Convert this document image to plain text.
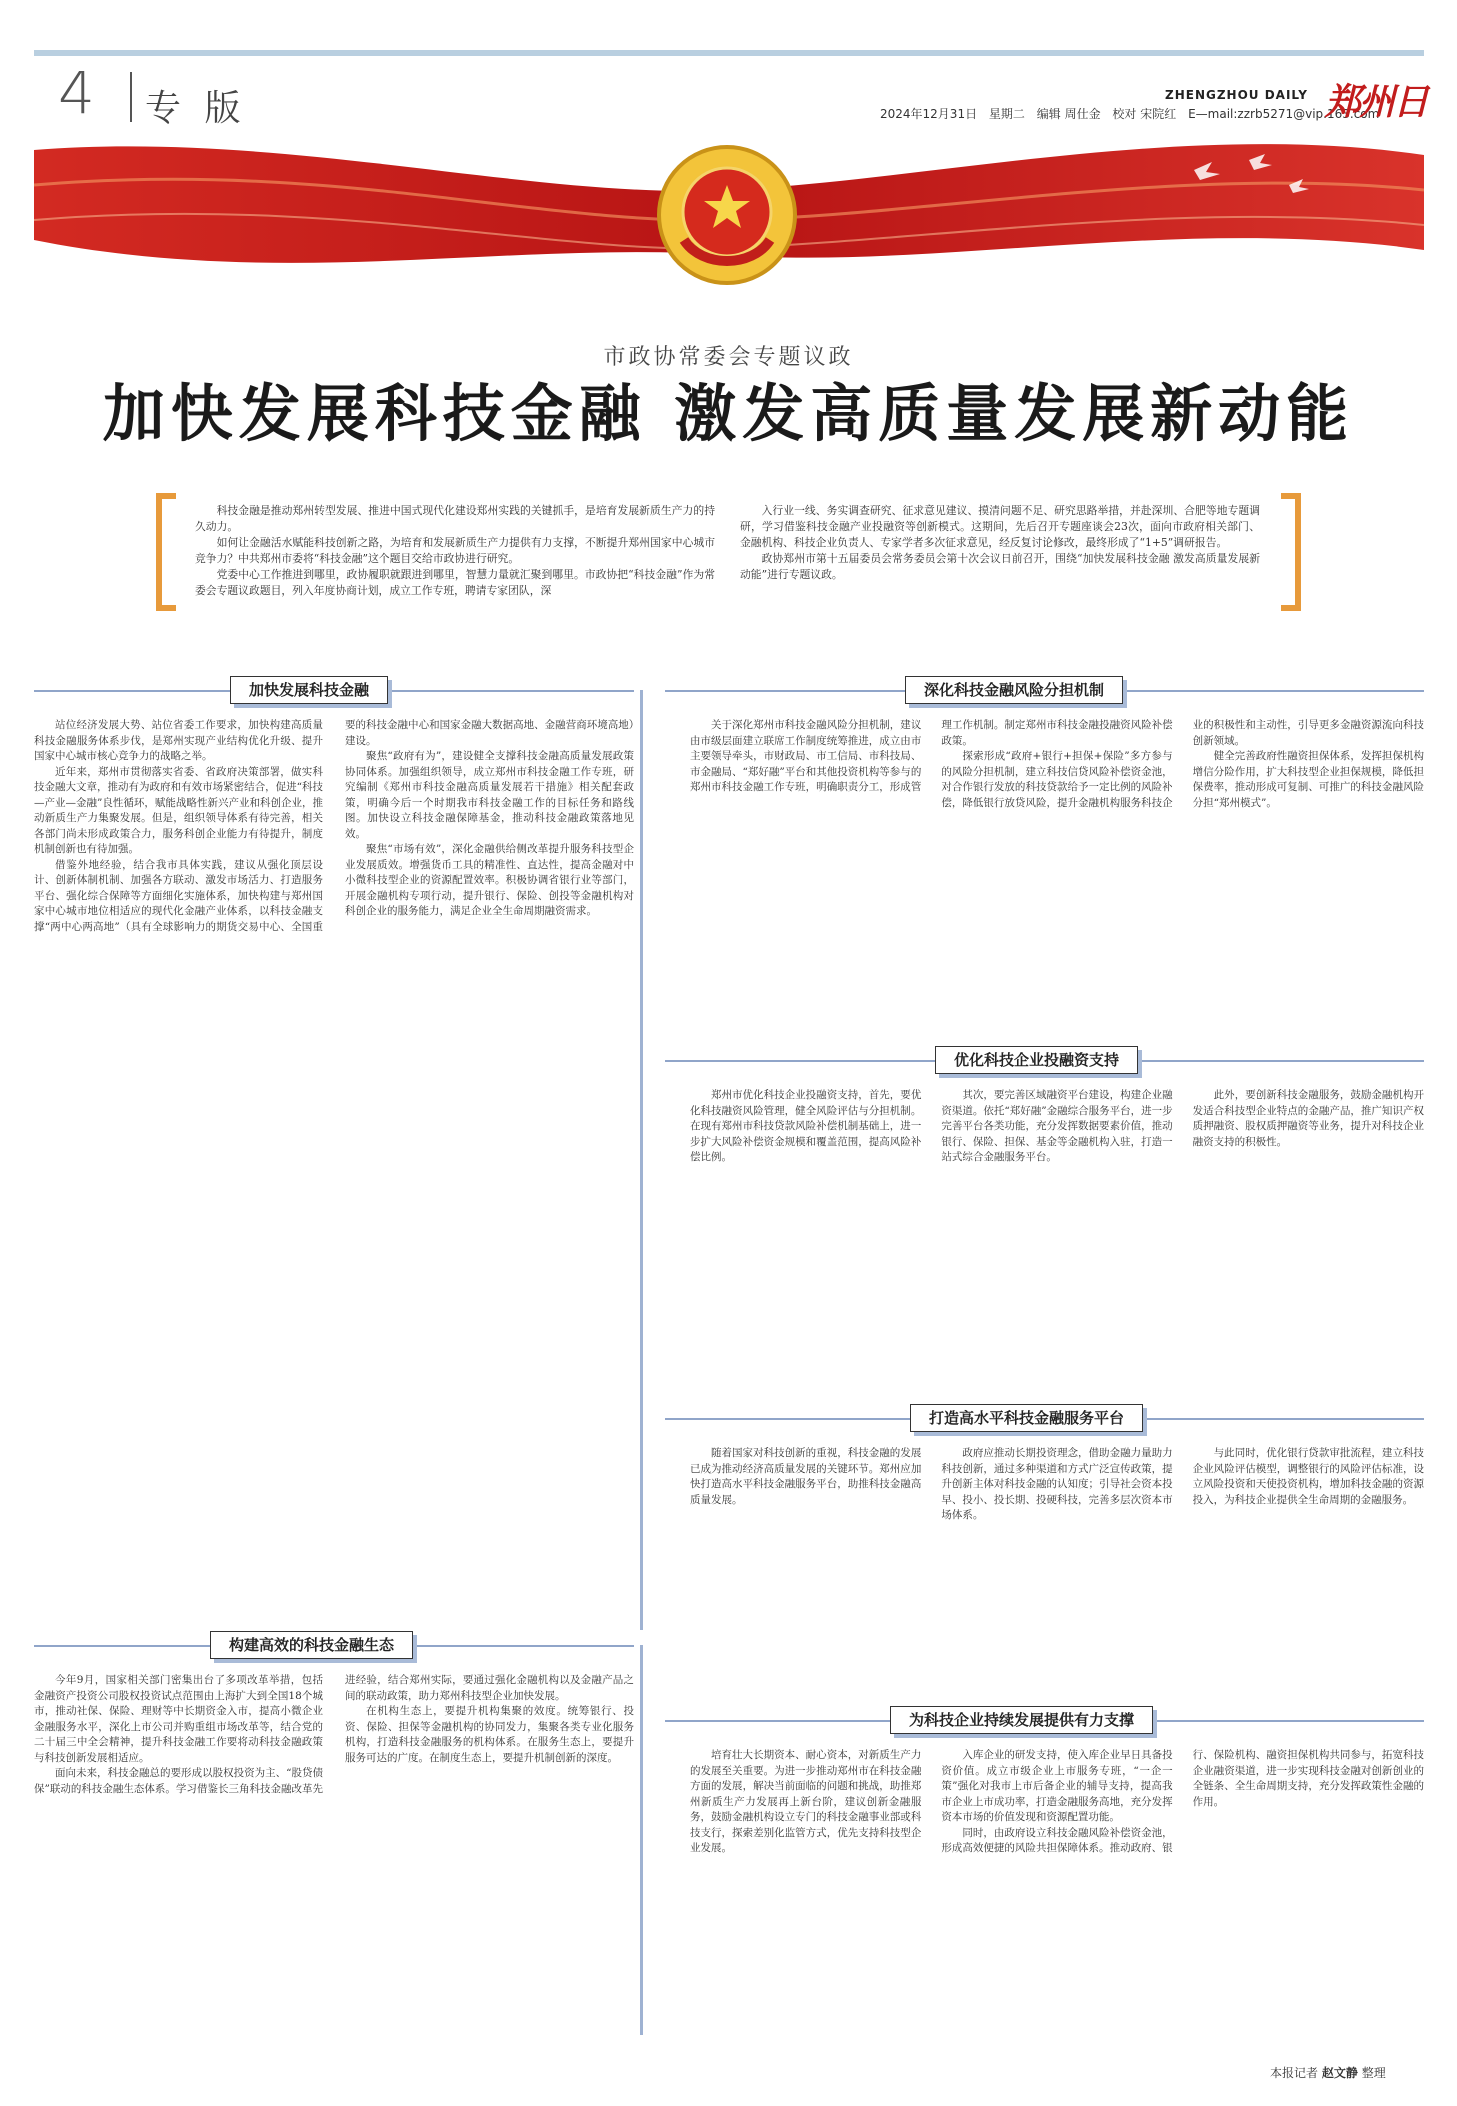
4 专 版	2024年12月31日 星期二 编辑 周仕金 校对 宋院红 E—mail:zzrb5271@vip.163.com
ZHENGZHOU DAILY 郑州日
市政协常委会专题议政
加快发展科技金融 激发高质量发展新动能

科技金融是推动郑州转型发展、推进中国式现代化建设郑州实践的关键抓手，是培育发展新质生产力的持久动力。

如何让金融活水赋能科技创新之路，为培育和发展新质生产力提供有力支撑，不断提升郑州国家中心城市竞争力？中共郑州市委将“科技金融”这个题目交给市政协进行研究。

党委中心工作推进到哪里，政协履职就跟进到哪里，智慧力量就汇聚到哪里。市政协把“科技金融”作为常委会专题议政题目，列入年度协商计划，成立工作专班，聘请专家团队，深

入行业一线、务实调查研究、征求意见建议、摸清问题不足、研究思路举措，并赴深圳、合肥等地专题调研，学习借鉴科技金融产业投融资等创新模式。这期间，先后召开专题座谈会23次，面向市政府相关部门、金融机构、科技企业负责人、专家学者多次征求意见，经反复讨论修改，最终形成了“1+5”调研报告。

政协郑州市第十五届委员会常务委员会第十次会议日前召开，围绕“加快发展科技金融 激发高质量发展新动能”进行专题议政。

加快发展科技金融

站位经济发展大势、站位省委工作要求，加快构建高质量科技金融服务体系步伐，是郑州实现产业结构优化升级、提升国家中心城市核心竞争力的战略之举。

近年来，郑州市贯彻落实省委、省政府决策部署，做实科技金融大文章，推动有为政府和有效市场紧密结合，促进“科技—产业—金融”良性循环，赋能战略性新兴产业和科创企业，推动新质生产力集聚发展。但是，组织领导体系有待完善，相关各部门尚未形成政策合力，服务科创企业能力有待提升，制度机制创新也有待加强。

借鉴外地经验，结合我市具体实践，建议从强化顶层设计、创新体制机制、加强各方联动、激发市场活力、打造服务平台、强化综合保障等方面细化实施体系，加快构建与郑州国家中心城市地位相适应的现代化金融产业体系，以科技金融支撑“两中心两高地”（具有全球影响力的期货交易中心、全国重要的科技金融中心和国家金融大数据高地、金融营商环境高地）建设。

聚焦“政府有为”，建设健全支撑科技金融高质量发展政策协同体系。加强组织领导，成立郑州市科技金融工作专班，研究编制《郑州市科技金融高质量发展若干措施》相关配套政策，明确今后一个时期我市科技金融工作的目标任务和路线图。加快设立科技金融保障基金，推动科技金融政策落地见效。

聚焦“市场有效”，深化金融供给侧改革提升服务科技型企业发展质效。增强货币工具的精准性、直达性，提高金融对中小微科技型企业的资源配置效率。积极协调省银行业等部门，开展金融机构专项行动，提升银行、保险、创投等金融机构对科创企业的服务能力，满足企业全生命周期融资需求。

深化科技金融风险分担机制

关于深化郑州市科技金融风险分担机制，建议由市级层面建立联席工作制度统筹推进，成立由市主要领导牵头，市财政局、市工信局、市科技局、市金融局、“郑好融”平台和其他投资机构等参与的郑州市科技金融工作专班，明确职责分工，形成管理工作机制。制定郑州市科技金融投融资风险补偿政策。

探索形成“政府+银行+担保+保险”多方参与的风险分担机制，建立科技信贷风险补偿资金池，对合作银行发放的科技贷款给予一定比例的风险补偿，降低银行放贷风险，提升金融机构服务科技企业的积极性和主动性，引导更多金融资源流向科技创新领域。

健全完善政府性融资担保体系，发挥担保机构增信分险作用，扩大科技型企业担保规模，降低担保费率，推动形成可复制、可推广的科技金融风险分担“郑州模式”。

优化科技企业投融资支持

郑州市优化科技企业投融资支持，首先，要优化科技融资风险管理，健全风险评估与分担机制。在现有郑州市科技贷款风险补偿机制基础上，进一步扩大风险补偿资金规模和覆盖范围，提高风险补偿比例。

其次，要完善区域融资平台建设，构建企业融资渠道。依托“郑好融”金融综合服务平台，进一步完善平台各类功能，充分发挥数据要素价值，推动银行、保险、担保、基金等金融机构入驻，打造一站式综合金融服务平台。

此外，要创新科技金融服务，鼓励金融机构开发适合科技型企业特点的金融产品，推广知识产权质押融资、股权质押融资等业务，提升对科技企业融资支持的积极性。

打造高水平科技金融服务平台

随着国家对科技创新的重视，科技金融的发展已成为推动经济高质量发展的关键环节。郑州应加快打造高水平科技金融服务平台，助推科技金融高质量发展。

政府应推动长期投资理念，借助金融力量助力科技创新，通过多种渠道和方式广泛宣传政策，提升创新主体对科技金融的认知度；引导社会资本投早、投小、投长期、投硬科技，完善多层次资本市场体系。

与此同时，优化银行贷款审批流程，建立科技企业风险评估模型，调整银行的风险评估标准，设立风险投资和天使投资机构，增加科技金融的资源投入，为科技企业提供全生命周期的金融服务。

构建高效的科技金融生态

今年9月，国家相关部门密集出台了多项改革举措，包括金融资产投资公司股权投资试点范围由上海扩大到全国18个城市，推动社保、保险、理财等中长期资金入市，提高小微企业金融服务水平，深化上市公司并购重组市场改革等，结合党的二十届三中全会精神，提升科技金融工作要将动科技金融政策与科技创新发展相适应。

面向未来，科技金融总的要形成以股权投资为主、“股贷债保”联动的科技金融生态体系。学习借鉴长三角科技金融改革先进经验，结合郑州实际，要通过强化金融机构以及金融产品之间的联动政策，助力郑州科技型企业加快发展。

在机构生态上，要提升机构集聚的效度。统筹银行、投资、保险、担保等金融机构的协同发力，集聚各类专业化服务机构，打造科技金融服务的机构体系。在服务生态上，要提升服务可达的广度。在制度生态上，要提升机制创新的深度。

为科技企业持续发展提供有力支撑

培育壮大长期资本、耐心资本，对新质生产力的发展至关重要。为进一步推动郑州市在科技金融方面的发展，解决当前面临的问题和挑战，助推郑州新质生产力发展再上新台阶，建议创新金融服务，鼓励金融机构设立专门的科技金融事业部或科技支行，探索差别化监管方式，优先支持科技型企业发展。

入库企业的研发支持，使入库企业早日具备投资价值。成立市级企业上市服务专班，“一企一策”强化对我市上市后备企业的辅导支持，提高我市企业上市成功率，打造金融服务高地，充分发挥资本市场的价值发现和资源配置功能。

同时，由政府设立科技金融风险补偿资金池，形成高效便捷的风险共担保障体系。推动政府、银行、保险机构、融资担保机构共同参与，拓宽科技企业融资渠道，进一步实现科技金融对创新创业的全链条、全生命周期支持，充分发挥政策性金融的作用。

本报记者 赵文静 整理
